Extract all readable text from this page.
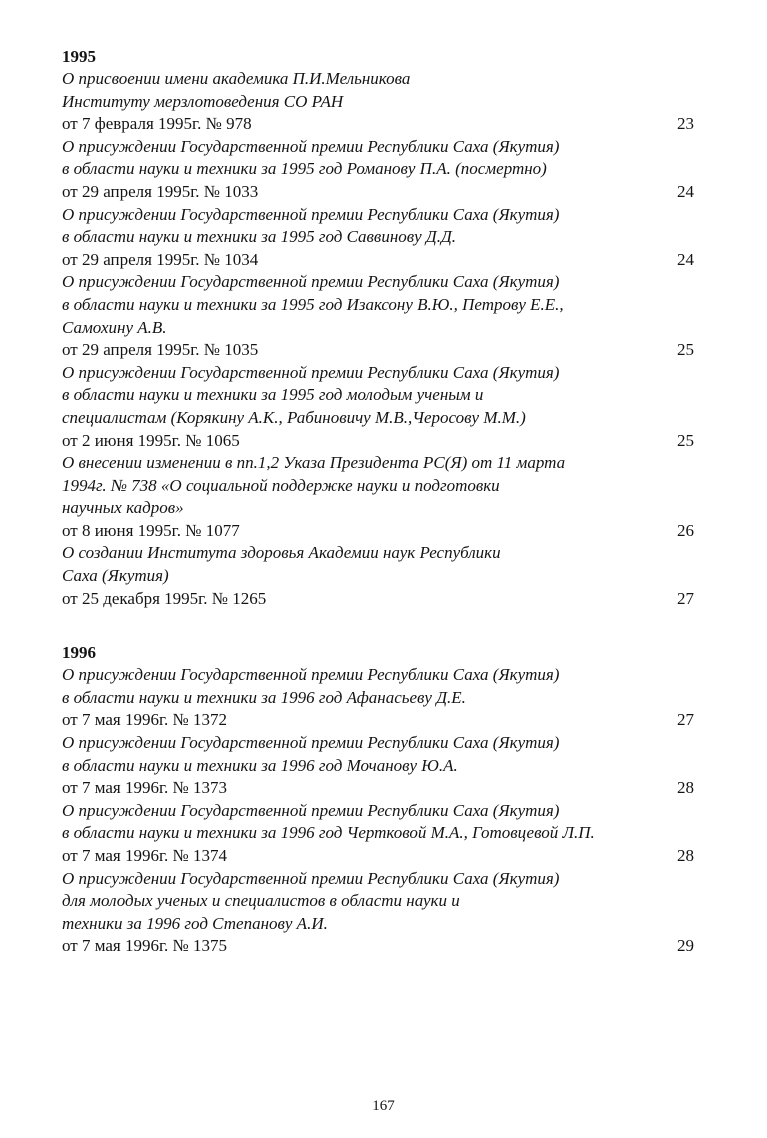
1995
О присвоении имени академика П.И.Мельникова
Институту мерзлотоведения СО РАН
от 7 февраля 1995г. № 978	23
О присуждении Государственной премии Республики Саха (Якутия)
в области науки и техники за 1995 год Романову П.А. (посмертно)
от 29 апреля 1995г. № 1033	24
О присуждении Государственной премии Республики Саха (Якутия)
в области науки и техники за 1995 год Саввинову Д.Д.
от 29 апреля 1995г. № 1034	24
О присуждении Государственной премии Республики Саха (Якутия)
в области науки и техники за 1995 год Изаксону В.Ю., Петрову Е.Е.,
Самохину А.В.
от 29 апреля 1995г. № 1035	25
О присуждении Государственной премии Республики Саха (Якутия)
в области науки и техники за 1995 год молодым ученым и
специалистам (Корякину А.К., Рабиновичу М.В.,Черосову М.М.)
от 2 июня 1995г. № 1065	25
О внесении изменении в пп.1,2 Указа Президента РС(Я) от 11 марта
1994г. № 738 «О социальной поддержке науки и подготовки
научных кадров»
от 8 июня 1995г. № 1077	26
О создании Института здоровья Академии наук Республики
Саха (Якутия)
от 25 декабря 1995г. № 1265	27
1996
О присуждении Государственной премии Республики Саха (Якутия)
в области науки и техники за 1996 год Афанасьеву Д.Е.
от 7 мая 1996г. № 1372	27
О присуждении Государственной премии Республики Саха (Якутия)
в области науки и техники за 1996 год Мочанову Ю.А.
от 7 мая 1996г. № 1373	28
О присуждении Государственной премии Республики Саха (Якутия)
в области науки и техники за 1996 год Чертковой М.А., Готовцевой Л.П.
от 7 мая 1996г. № 1374	28
О присуждении Государственной премии Республики Саха (Якутия)
для молодых ученых и специалистов в области науки и
техники за 1996 год Степанову А.И.
от 7 мая 1996г. № 1375	29
167
